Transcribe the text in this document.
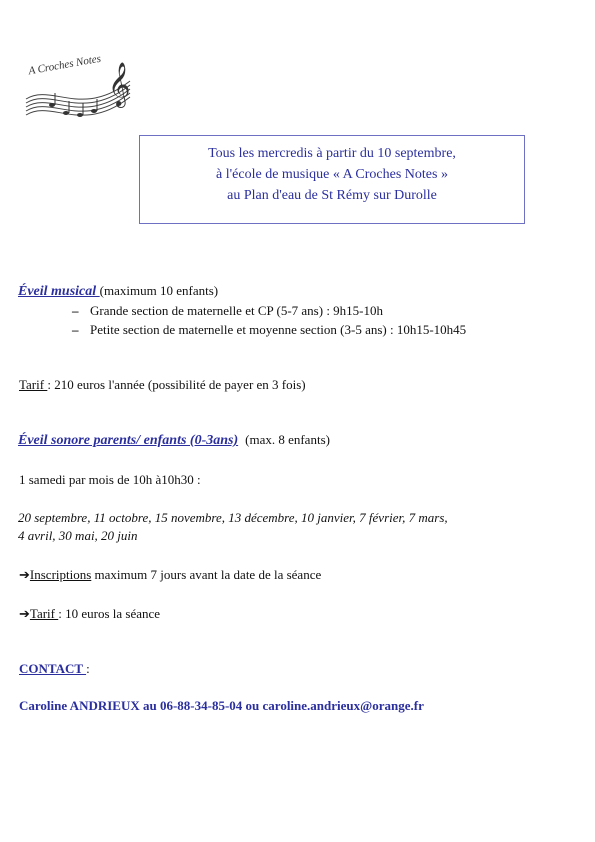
𝄞
A Croches Notes
Tous les mercredis à partir du 10 septembre,
à l'école de musique « A Croches Notes »
au Plan d'eau de St Rémy sur Durolle
Éveil musical (maximum 10 enfants)
– Grande section de maternelle et CP (5-7 ans) : 9h15-10h
– Petite section de maternelle et moyenne section (3-5 ans) : 10h15-10h45
Tarif : 210 euros l'année (possibilité de payer en 3 fois)
Éveil sonore parents/ enfants (0-3ans) (max. 8 enfants)
1 samedi par mois de 10h à10h30 :
20 septembre, 11 octobre, 15 novembre, 13 décembre, 10 janvier, 7 février, 7 mars,
4 avril, 30 mai, 20 juin
➔Inscriptions maximum 7 jours avant la date de la séance
➔Tarif : 10 euros la séance
CONTACT :
Caroline ANDRIEUX au 06-88-34-85-04 ou caroline.andrieux@orange.fr
